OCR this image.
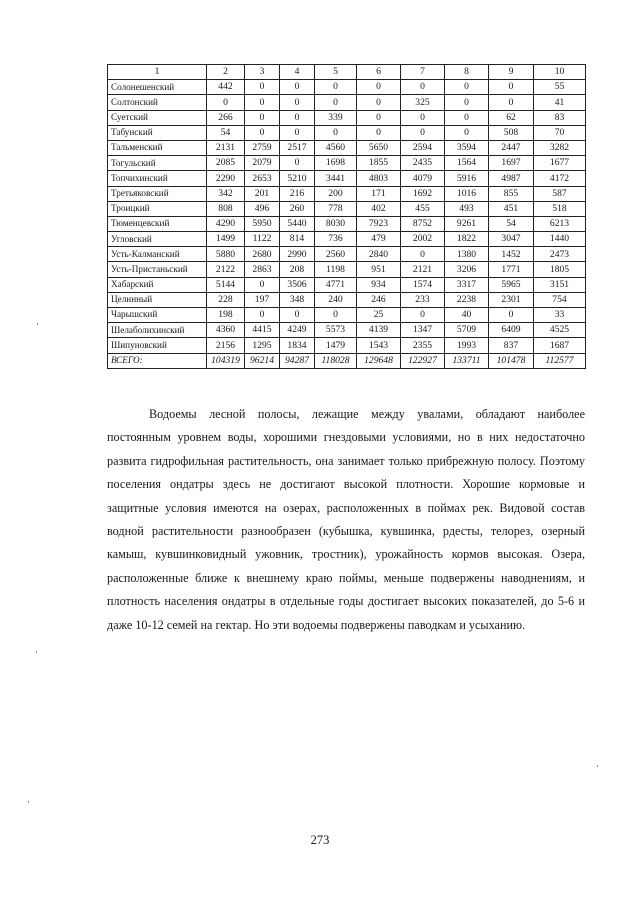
1	2	3	4	5	6	7	8	9	10
Солонешенский	442	0	0	0	0	0	0	0	55
Солтонский	0	0	0	0	0	325	0	0	41
Суетский	266	0	0	339	0	0	0	62	83
Табунский	54	0	0	0	0	0	0	508	70
Тальменский	2131	2759	2517	4560	5650	2594	3594	2447	3282
Тогульский	2085	2079	0	1698	1855	2435	1564	1697	1677
Топчихинский	2290	2653	5210	3441	4803	4079	5916	4987	4172
Третьяковский	342	201	216	200	171	1692	1016	855	587
Троицкий	808	496	260	778	402	455	493	451	518
Тюменцевский	4290	5950	5440	8030	7923	8752	9261	54	6213
Угловский	1499	1122	814	736	479	2002	1822	3047	1440
Усть-Калманский	5880	2680	2990	2560	2840	0	1380	1452	2473
Усть-Пристаньский	2122	2863	208	1198	951	2121	3206	1771	1805
Хабарский	5144	0	3506	4771	934	1574	3317	5965	3151
Целинный	228	197	348	240	246	233	2238	2301	754
Чарышский	198	0	0	0	25	0	40	0	33
Шелаболихинский	4360	4415	4249	5573	4139	1347	5709	6409	4525
Шипуновский	2156	1295	1834	1479	1543	2355	1993	837	1687
ВСЕГО:	104319	96214	94287	118028	129648	122927	133711	101478	112577

Водоемы лесной полосы, лежащие между увалами, обладают наиболее постоянным уровнем воды, хорошими гнездовыми условиями, но в них недостаточно развита гидрофильная растительность, она занимает только прибрежную полосу. Поэтому поселения ондатры здесь не достигают высокой плотности. Хорошие кормовые и защитные условия имеются на озерах, расположенных в поймах рек. Видовой состав водной растительности разнообразен (кубышка, кувшинка, рдесты, телорез, озерный камыш, кувшинковидный ужовник, тростник), урожайность кормов высокая. Озера, расположенные ближе к внешнему краю поймы, меньше подвержены наводнениям, и плотность населения ондатры в отдельные годы достигает высоких показателей, до 5-6 и даже 10-12 семей на гектар. Но эти водоемы подвержены паводкам и усыханию.

273
